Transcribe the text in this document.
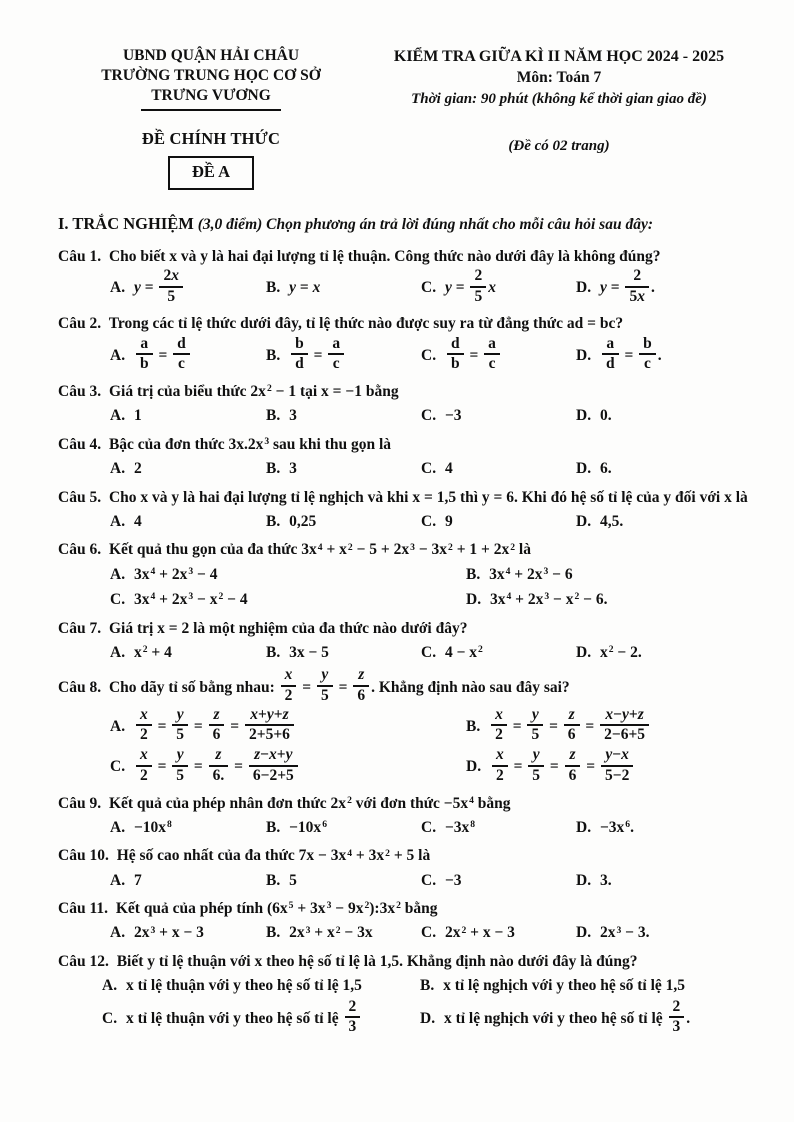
UBND QUẬN HẢI CHÂU
TRƯỜNG TRUNG HỌC CƠ SỞ
TRƯNG VƯƠNG
ĐỀ CHÍNH THỨC
ĐỀ A
KIỂM TRA GIỮA KÌ II NĂM HỌC 2024 - 2025
Môn: Toán 7
Thời gian: 90 phút (không kể thời gian giao đề)
(Đề có 02 trang)
I. TRẮC NGHIỆM (3,0 điểm) Chọn phương án trả lời đúng nhất cho mỗi câu hỏi sau đây:

Câu 1. Cho biết x và y là hai đại lượng tỉ lệ thuận. Công thức nào dưới đây là không đúng?

A. $y = \frac{2x}{5}$	B. y = x	C. $y = \frac{2}{5}$ x	D. $y = \frac{2}{5x}$ .

Câu 2. Trong các tỉ lệ thức dưới đây, tỉ lệ thức nào được suy ra từ đẳng thức ad = bc?

A. $\frac{a}{b} = \frac{d}{c}$	B. $\frac{b}{d} = \frac{a}{c}$	C. $\frac{d}{b} = \frac{a}{c}$	D. $\frac{a}{d} = \frac{b}{c}$ .

Câu 3. Giá trị của biểu thức $2x^2 - 1$ tại x = −1 bằng

A. 1	B. 3	C. −3	D. 0.

Câu 4. Bậc của đơn thức $3x.2x^3$ sau khi thu gọn là

A. 2	B. 3	C. 4	D. 6.

Câu 5. Cho x và y là hai đại lượng tỉ lệ nghịch và khi x = 1,5 thì y = 6. Khi đó hệ số tỉ lệ của y đối với x là

A. 4	B. 0,25	C. 9	D. 4,5.

Câu 6. Kết quả thu gọn của đa thức $3x^4 + x^2 - 5 + 2x^3 - 3x^2 + 1 + 2x^2$ là

A. $3x^4 + 2x^3 - 4$	B. $3x^4 + 2x^3 - 6$
C. $3x^4 + 2x^3 - x^2 - 4$	D. $3x^4 + 2x^3 - x^2 - 6$.

Câu 7. Giá trị x = 2 là một nghiệm của đa thức nào dưới đây?

A. $x^2 + 4$	B. 3x − 5	C. $4 - x^2$	D. $x^2 - 2$.

Câu 8. Cho dãy tỉ số bằng nhau: $\frac{x}{2} = \frac{y}{5} = \frac{z}{6}$ . Khẳng định nào sau đây sai?

A. $\frac{x}{2} = \frac{y}{5} = \frac{z}{6} = \frac{x+y+z}{2+5+6}$	B. $\frac{x}{2} = \frac{y}{5} = \frac{z}{6} = \frac{x-y+z}{2-6+5}$
C. $\frac{x}{2} = \frac{y}{5} = \frac{z}{6.} = \frac{z-x+y}{6-2+5}$	D. $\frac{x}{2} = \frac{y}{5} = \frac{z}{6} = \frac{y-x}{5-2}$

Câu 9. Kết quả của phép nhân đơn thức $2x^2$ với đơn thức $-5x^4$ bằng

A. $-10x^8$	B. $-10x^6$	C. $-3x^8$	D. $-3x^6$.

Câu 10. Hệ số cao nhất của đa thức $7x - 3x^4 + 3x^2 + 5$ là

A. 7	B. 5	C. −3	D. 3.

Câu 11. Kết quả của phép tính ($6x^5 + 3x^3$ − $9x^2):3x^2$ bằng

A. $2x^3 + x - 3$	B. $2x^3 + x^2 - 3x$	C. $2x^2 + x - 3$	D. $2x^3 - 3$.

Câu 12. Biết y tỉ lệ thuận với x theo hệ số tỉ lệ là 1,5. Khẳng định nào dưới đây là đúng?

A. x tỉ lệ thuận với y theo hệ số tỉ lệ 1,5	B. x tỉ lệ nghịch với y theo hệ số tỉ lệ 1,5
C. x tỉ lệ thuận với y theo hệ số tỉ lệ $\frac{2}{3}$	D. x tỉ lệ nghịch với y theo hệ số tỉ lệ $\frac{2}{3}$ .
